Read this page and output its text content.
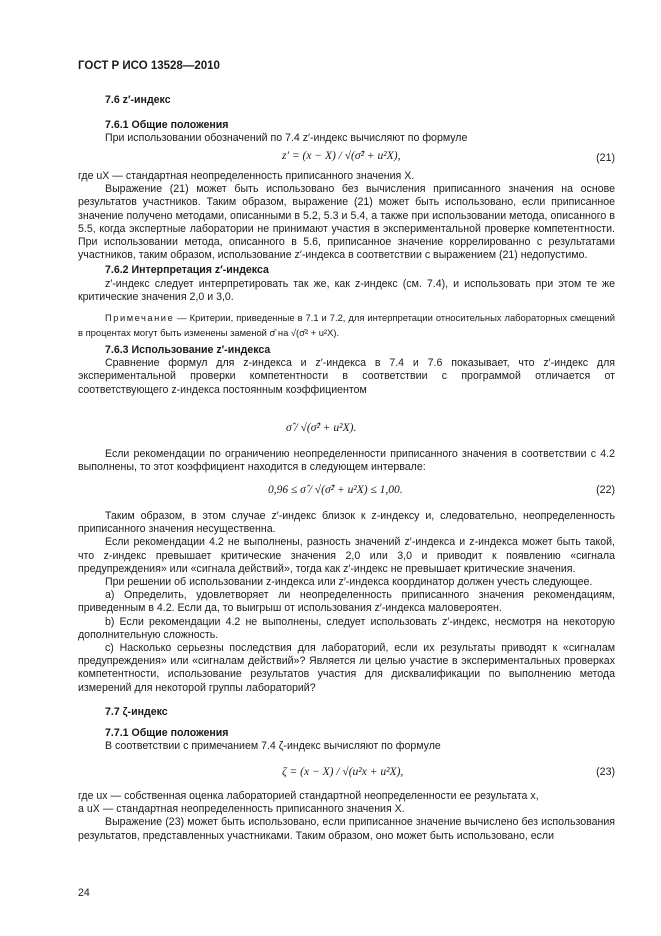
ГОСТ Р ИСО 13528—2010
7.6 z′-индекс
7.6.1 Общие положения
При использовании обозначений по 7.4 z′-индекс вычисляют по формуле
z′ = (x − X) / √(σ̂² + u²X),	(21)

где uX — стандартная неопределенность приписанного значения X.

Выражение (21) может быть использовано без вычисления приписанного значения на основе результатов участников. Таким образом, выражение (21) может быть использовано, если приписанное значение получено методами, описанными в 5.2, 5.3 и 5.4, а также при использовании метода, описанного в 5.5, когда экспертные лаборатории не принимают участия в экспериментальной проверке компетентности. При использовании метода, описанного в 5.6, приписанное значение коррелированно с результатами участников, таким образом, использование z′-индекса в соответствии с выражением (21) недопустимо.

7.6.2 Интерпретация z′-индекса

z′-индекс следует интерпретировать так же, как z-индекс (см. 7.4), и использовать при этом те же критические значения 2,0 и 3,0.

Примечание — Критерии, приведенные в 7.1 и 7.2, для интерпретации относительных лабораторных смещений в процентах могут быть изменены заменой σ̂ на √(σ̂² + u²X).

7.6.3 Использование z′-индекса

Сравнение формул для z-индекса и z′-индекса в 7.4 и 7.6 показывает, что z′-индекс для экспериментальной проверки компетентности в соответствии с программой отличается от соответствующего z-индекса постоянным коэффициентом

σ̂ / √(σ̂² + u²X).

Если рекомендации по ограничению неопределенности приписанного значения в соответствии с 4.2 выполнены, то этот коэффициент находится в следующем интервале:

0,96 ≤ σ̂ / √(σ̂² + u²X) ≤ 1,00.	(22)

Таким образом, в этом случае z′-индекс близок к z-индексу и, следовательно, неопределенность приписанного значения несущественна.

Если рекомендации 4.2 не выполнены, разность значений z′-индекса и z-индекса может быть такой, что z-индекс превышает критические значения 2,0 или 3,0 и приводит к появлению «сигнала предупреждения» или «сигнала действий», тогда как z′-индекс не превышает критические значения.

При решении об использовании z-индекса или z′-индекса координатор должен учесть следующее.

a) Определить, удовлетворяет ли неопределенность приписанного значения рекомендациям, приведенным в 4.2. Если да, то выигрыш от использования z′-индекса маловероятен.

b) Если рекомендации 4.2 не выполнены, следует использовать z′-индекс, несмотря на некоторую дополнительную сложность.

c) Насколько серьезны последствия для лабораторий, если их результаты приводят к «сигналам предупреждения» или «сигналам действий»? Является ли целью участие в экспериментальных проверках компетентности, использование результатов участия для дисквалификации по выполнению метода измерений для некоторой группы лабораторий?

7.7 ζ-индекс
7.7.1 Общие положения
В соответствии с примечанием 7.4 ζ-индекс вычисляют по формуле
ζ = (x − X) / √(u²x + u²X),	(23)

где ux — собственная оценка лабораторией стандартной неопределенности ее результата x,

а uX — стандартная неопределенность приписанного значения X.

Выражение (23) может быть использовано, если приписанное значение вычислено без использования результатов, представленных участниками. Таким образом, оно может быть использовано, если

24
